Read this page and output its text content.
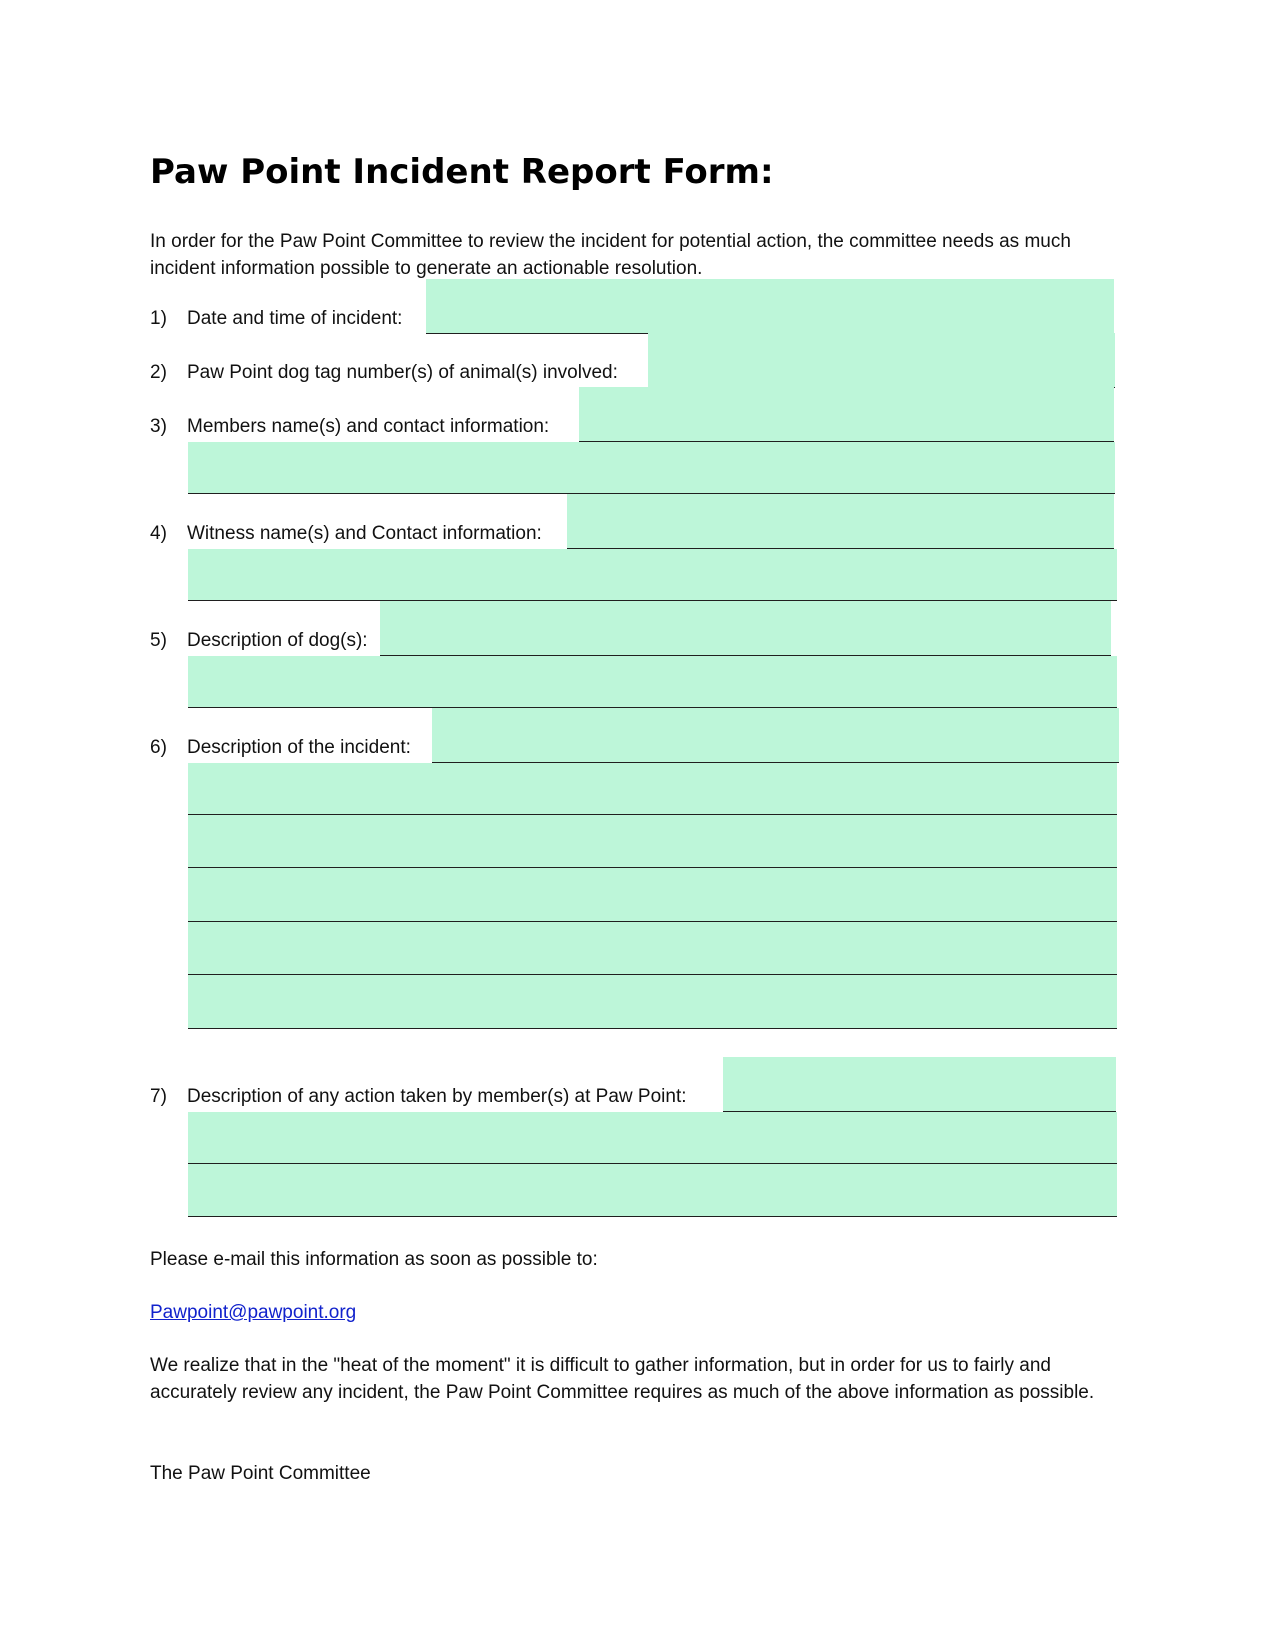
Paw Point Incident Report Form:

In order for the Paw Point Committee to review the incident for potential action, the committee needs as much incident information possible to generate an actionable resolution.

1) Date and time of incident:
2) Paw Point dog tag number(s) of animal(s) involved:
3) Members name(s) and contact information:
4) Witness name(s) and Contact information:
5) Description of dog(s):
6) Description of the incident:
7) Description of any action taken by member(s) at Paw Point:

Please e-mail this information as soon as possible to:

Pawpoint@pawpoint.org

We realize that in the "heat of the moment" it is difficult to gather information, but in order for us to fairly and accurately review any incident, the Paw Point Committee requires as much of the above information as possible.

The Paw Point Committee
